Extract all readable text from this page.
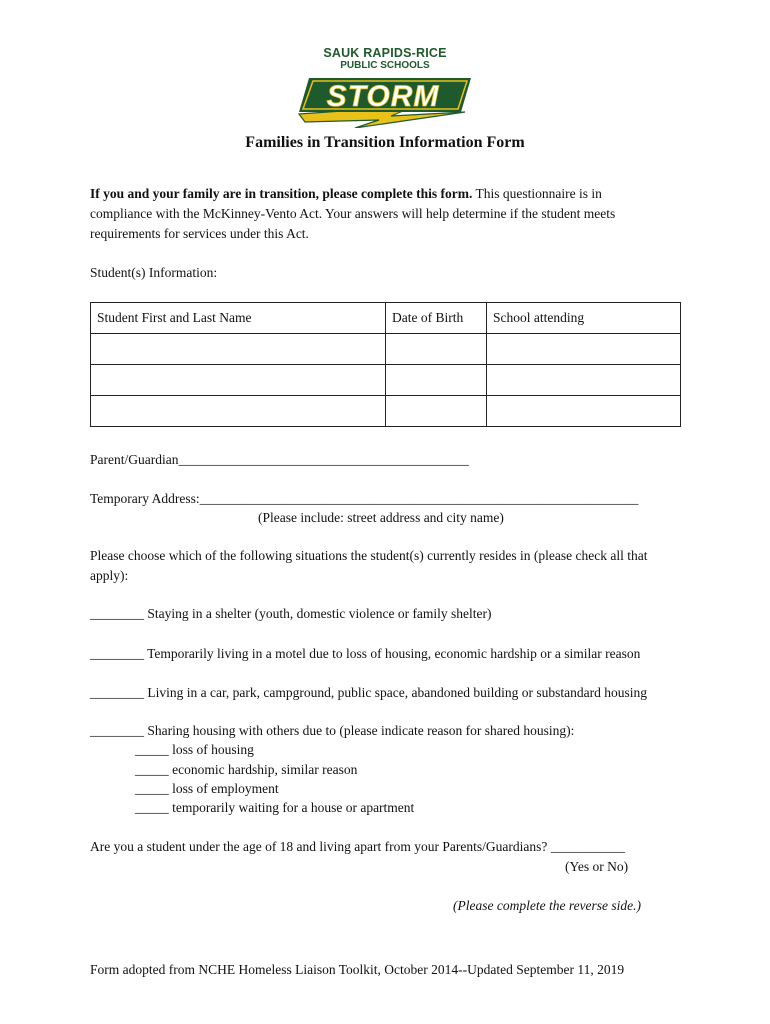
SAUK RAPIDS-RICE
PUBLIC SCHOOLS
STORM
Families in Transition Information Form
If you and your family are in transition, please complete this form. This questionnaire is in
compliance with the McKinney-Vento Act. Your answers will help determine if the student meets
requirements for services under this Act.
Student(s) Information:
Student First and Last Name	Date of Birth	School attending

Parent/Guardian___________________________________________
Temporary Address:_________________________________________________________________
(Please include: street address and city name)
Please choose which of the following situations the student(s) currently resides in (please check all that
apply):
________ Staying in a shelter (youth, domestic violence or family shelter)
________ Temporarily living in a motel due to loss of housing, economic hardship or a similar reason
________ Living in a car, park, campground, public space, abandoned building or substandard housing
________ Sharing housing with others due to (please indicate reason for shared housing):
_____ loss of housing
_____ economic hardship, similar reason
_____ loss of employment
_____ temporarily waiting for a house or apartment
Are you a student under the age of 18 and living apart from your Parents/Guardians? ___________
(Yes or No)
(Please complete the reverse side.)
Form adopted from NCHE Homeless Liaison Toolkit, October 2014--Updated September 11, 2019
